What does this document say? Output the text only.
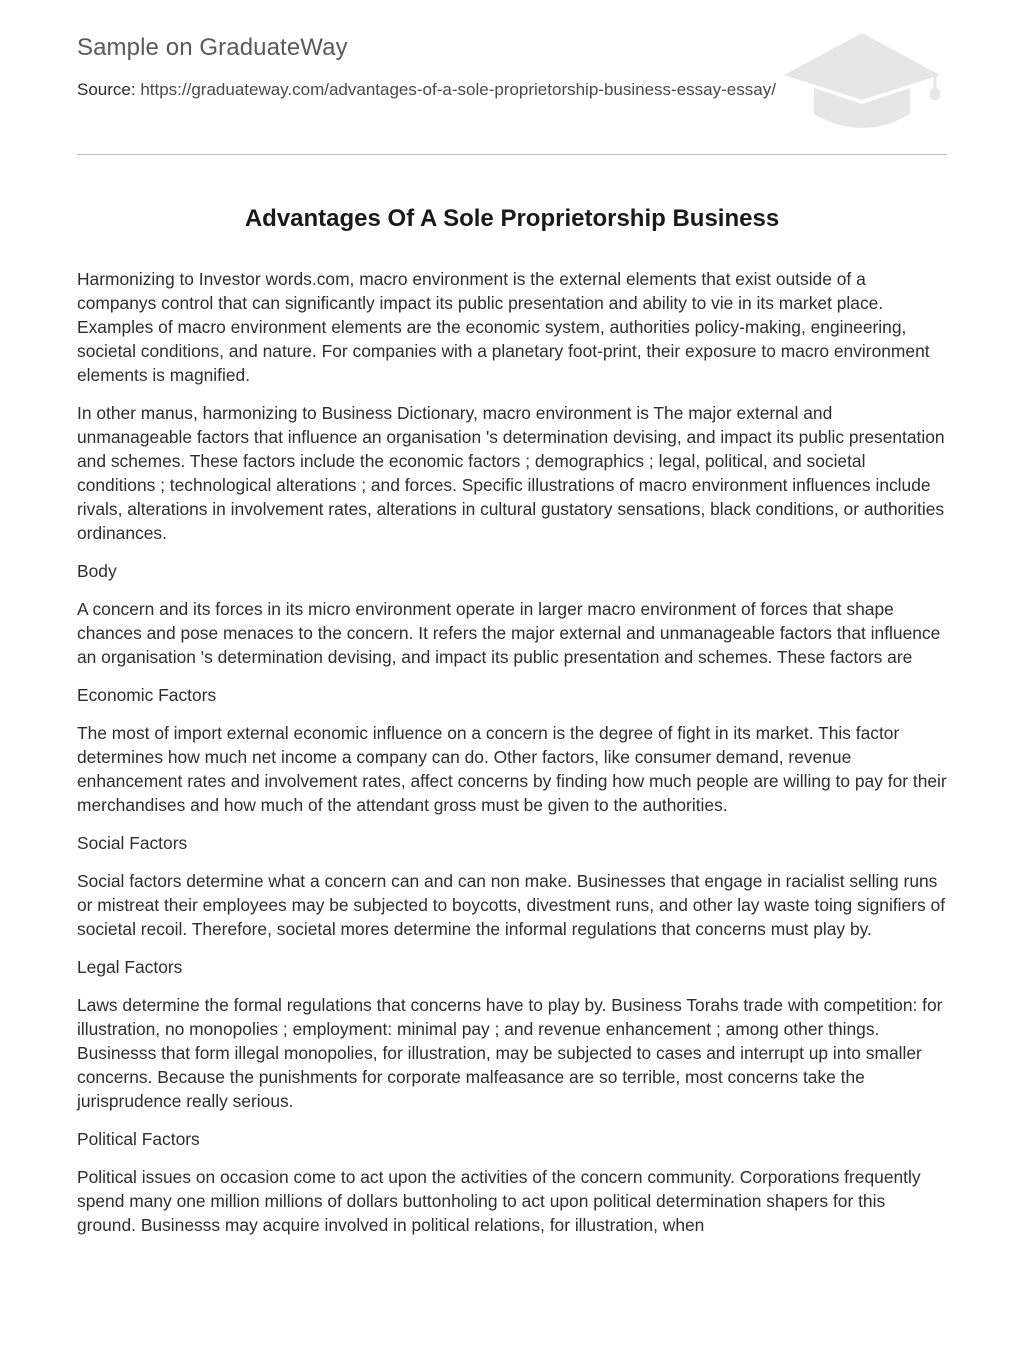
Sample on GraduateWay
Source: https://graduateway.com/advantages-of-a-sole-proprietorship-business-essay-essay/
Advantages Of A Sole Proprietorship Business

Harmonizing to Investor words.com, macro environment is the external elements that exist outside of a companys control that can significantly impact its public presentation and ability to vie in its market place. Examples of macro environment elements are the economic system, authorities policy-making, engineering, societal conditions, and nature. For companies with a planetary foot-print, their exposure to macro environment elements is magnified.

In other manus, harmonizing to Business Dictionary, macro environment is The major external and unmanageable factors that influence an organisation 's determination devising, and impact its public presentation and schemes. These factors include the economic factors ; demographics ; legal, political, and societal conditions ; technological alterations ; and forces. Specific illustrations of macro environment influences include rivals, alterations in involvement rates, alterations in cultural gustatory sensations, black conditions, or authorities ordinances.

Body

A concern and its forces in its micro environment operate in larger macro environment of forces that shape chances and pose menaces to the concern. It refers the major external and unmanageable factors that influence an organisation 's determination devising, and impact its public presentation and schemes. These factors are

Economic Factors

The most of import external economic influence on a concern is the degree of fight in its market. This factor determines how much net income a company can do. Other factors, like consumer demand, revenue enhancement rates and involvement rates, affect concerns by finding how much people are willing to pay for their merchandises and how much of the attendant gross must be given to the authorities.

Social Factors

Social factors determine what a concern can and can non make. Businesses that engage in racialist selling runs or mistreat their employees may be subjected to boycotts, divestment runs, and other lay waste toing signifiers of societal recoil. Therefore, societal mores determine the informal regulations that concerns must play by.

Legal Factors

Laws determine the formal regulations that concerns have to play by. Business Torahs trade with competition: for illustration, no monopolies ; employment: minimal pay ; and revenue enhancement ; among other things. Businesss that form illegal monopolies, for illustration, may be subjected to cases and interrupt up into smaller concerns. Because the punishments for corporate malfeasance are so terrible, most concerns take the jurisprudence really serious.

Political Factors

Political issues on occasion come to act upon the activities of the concern community. Corporations frequently spend many one million millions of dollars buttonholing to act upon political determination shapers for this ground. Businesss may acquire involved in political relations, for illustration, when
